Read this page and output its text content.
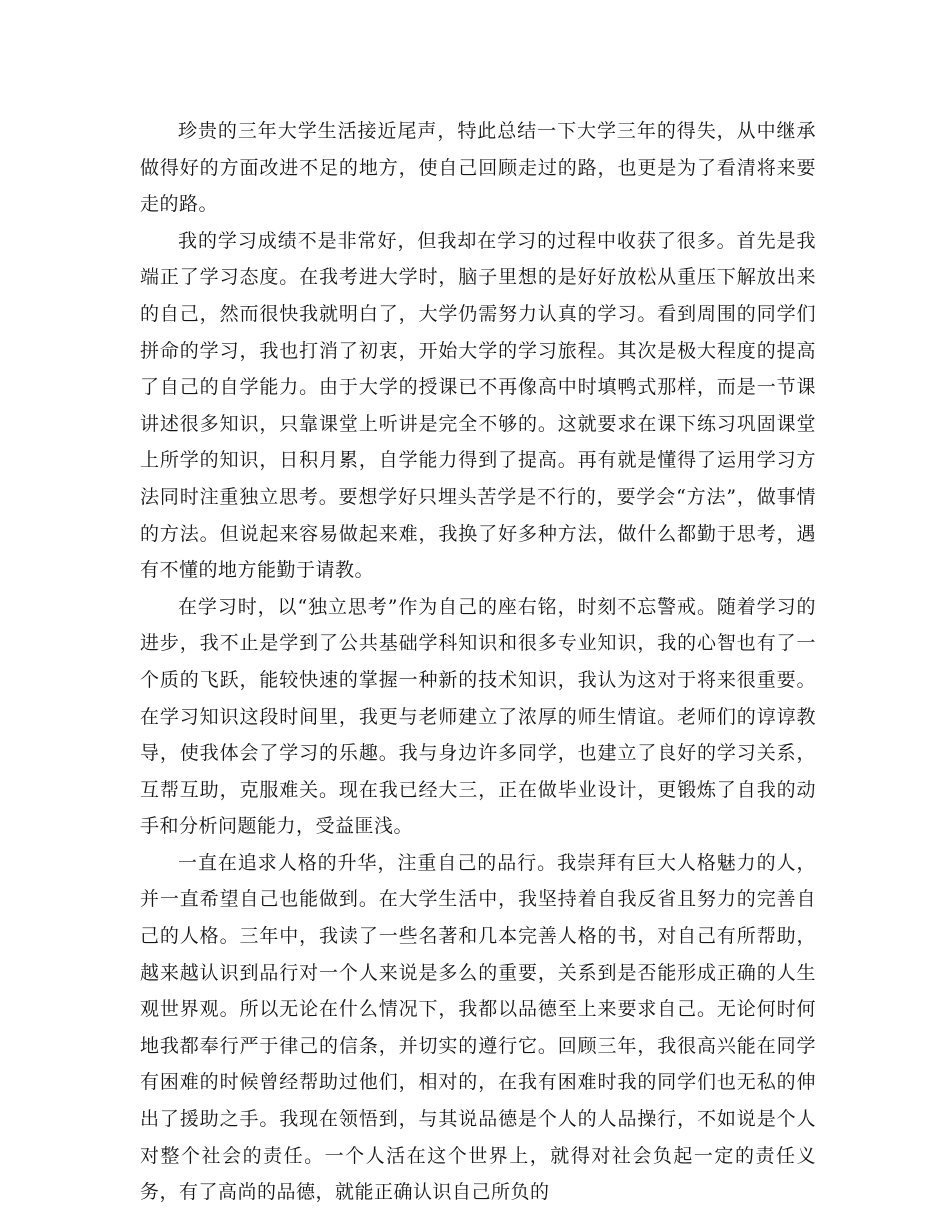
珍贵的三年大学生活接近尾声，特此总结一下大学三年的得失，从中继承做得好的方面改进不足的地方，使自己回顾走过的路，也更是为了看清将来要走的路。

我的学习成绩不是非常好，但我却在学习的过程中收获了很多。首先是我端正了学习态度。在我考进大学时，脑子里想的是好好放松从重压下解放出来的自己，然而很快我就明白了，大学仍需努力认真的学习。看到周围的同学们拼命的学习，我也打消了初衷，开始大学的学习旅程。其次是极大程度的提高了自己的自学能力。由于大学的授课已不再像高中时填鸭式那样，而是一节课讲述很多知识，只靠课堂上听讲是完全不够的。这就要求在课下练习巩固课堂上所学的知识，日积月累，自学能力得到了提高。再有就是懂得了运用学习方法同时注重独立思考。要想学好只埋头苦学是不行的，要学会“方法”，做事情的方法。但说起来容易做起来难，我换了好多种方法，做什么都勤于思考，遇有不懂的地方能勤于请教。

在学习时，以“独立思考”作为自己的座右铭，时刻不忘警戒。随着学习的进步，我不止是学到了公共基础学科知识和很多专业知识，我的心智也有了一个质的飞跃，能较快速的掌握一种新的技术知识，我认为这对于将来很重要。在学习知识这段时间里，我更与老师建立了浓厚的师生情谊。老师们的谆谆教导，使我体会了学习的乐趣。我与身边许多同学，也建立了良好的学习关系，互帮互助，克服难关。现在我已经大三，正在做毕业设计，更锻炼了自我的动手和分析问题能力，受益匪浅。

一直在追求人格的升华，注重自己的品行。我崇拜有巨大人格魅力的人，并一直希望自己也能做到。在大学生活中，我坚持着自我反省且努力的完善自己的人格。三年中，我读了一些名著和几本完善人格的书，对自己有所帮助，越来越认识到品行对一个人来说是多么的重要，关系到是否能形成正确的人生观世界观。所以无论在什么情况下，我都以品德至上来要求自己。无论何时何地我都奉行严于律己的信条，并切实的遵行它。回顾三年，我很高兴能在同学有困难的时候曾经帮助过他们，相对的，在我有困难时我的同学们也无私的伸出了援助之手。我现在领悟到，与其说品德是个人的人品操行，不如说是个人对整个社会的责任。一个人活在这个世界上，就得对社会负起一定的责任义务，有了高尚的品德，就能正确认识自己所负的
